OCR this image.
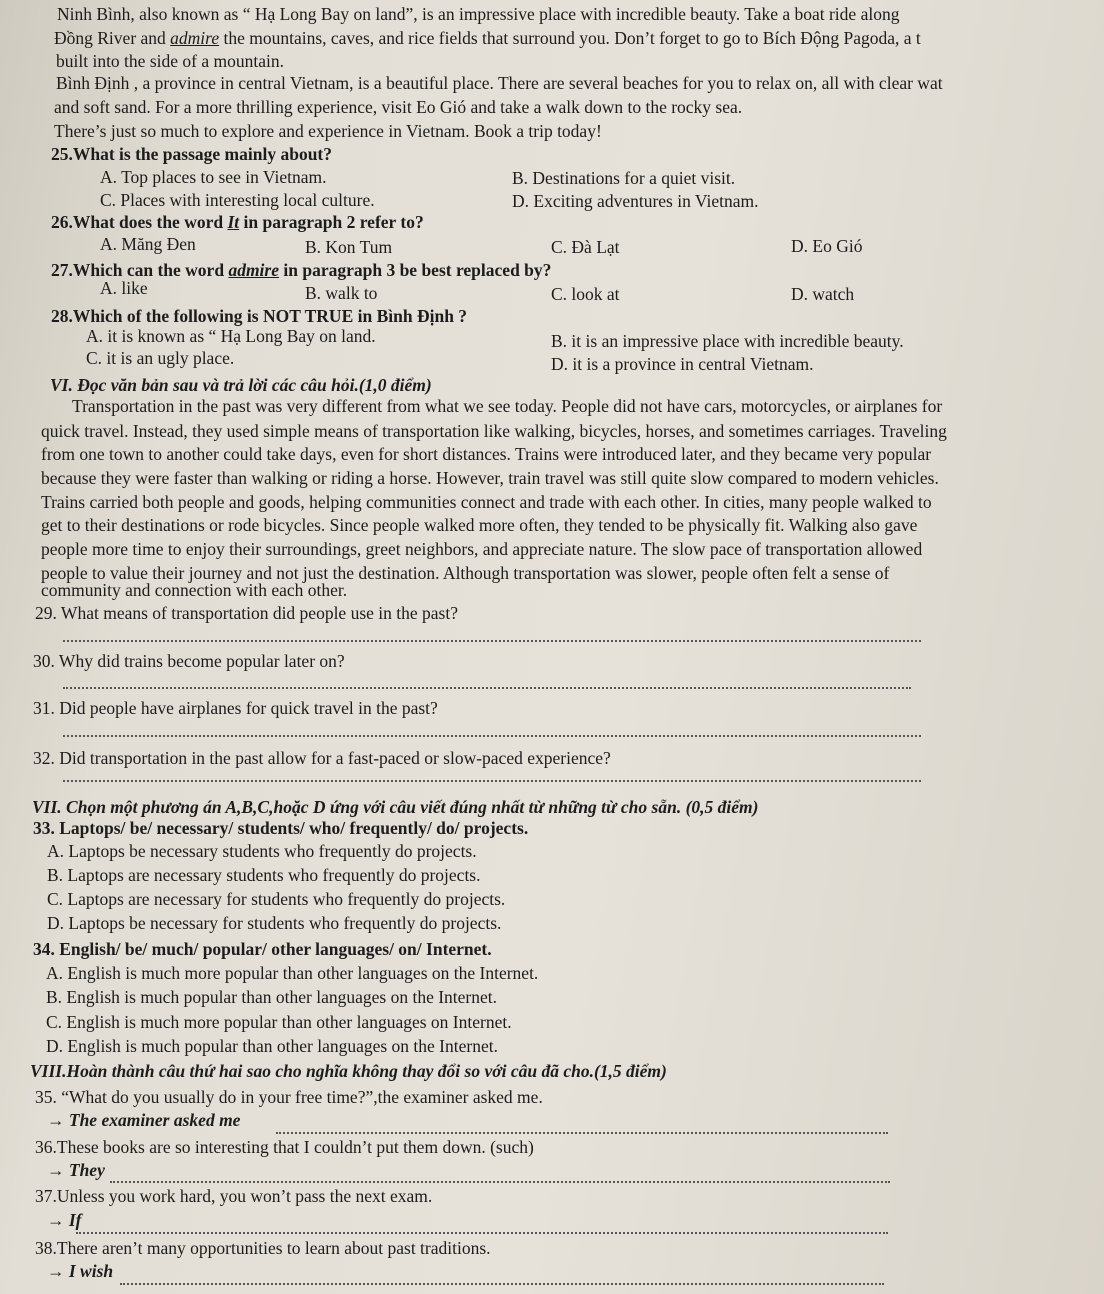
Ninh Bình, also known as “ Hạ Long Bay on land”, is an impressive place with incredible beauty. Take a boat ride along
Đồng River and admire the mountains, caves, and rice fields that surround you. Don’t forget to go to Bích Động Pagoda, a t
built into the side of a mountain.
Bình Định , a province in central Vietnam, is a beautiful place. There are several beaches for you to relax on, all with clear wat
and soft sand. For a more thrilling experience, visit Eo Gió and take a walk down to the rocky sea.
There’s just so much to explore and experience in Vietnam. Book a trip today!
25.What is the passage mainly about?
A. Top places to see in Vietnam.	B. Destinations for a quiet visit.
C. Places with interesting local culture.	D. Exciting adventures in Vietnam.
26.What does the word It in paragraph 2 refer to?
A. Măng Đen	B. Kon Tum	C. Đà Lạt	D. Eo Gió
27.Which can the word admire in paragraph 3 be best replaced by?
A. like	B. walk to	C. look at	D. watch
28.Which of the following is NOT TRUE in Bình Định ?
A. it is known as “ Hạ Long Bay on land.	B. it is an impressive place with incredible beauty.
C. it is an ugly place.	D. it is a province in central Vietnam.
VI. Đọc văn bản sau và trả lời các câu hỏi.(1,0 điểm)
Transportation in the past was very different from what we see today. People did not have cars, motorcycles, or airplanes for
quick travel. Instead, they used simple means of transportation like walking, bicycles, horses, and sometimes carriages. Traveling
from one town to another could take days, even for short distances. Trains were introduced later, and they became very popular
because they were faster than walking or riding a horse. However, train travel was still quite slow compared to modern vehicles.
Trains carried both people and goods, helping communities connect and trade with each other. In cities, many people walked to
get to their destinations or rode bicycles. Since people walked more often, they tended to be physically fit. Walking also gave
people more time to enjoy their surroundings, greet neighbors, and appreciate nature. The slow pace of transportation allowed
people to value their journey and not just the destination. Although transportation was slower, people often felt a sense of
community and connection with each other.
29. What means of transportation did people use in the past?
30. Why did trains become popular later on?
31. Did people have airplanes for quick travel in the past?
32. Did transportation in the past allow for a fast-paced or slow-paced experience?
VII. Chọn một phương án A,B,C,hoặc D ứng với câu viết đúng nhất từ những từ cho sẵn. (0,5 điểm)
33. Laptops/ be/ necessary/ students/ who/ frequently/ do/ projects.
A. Laptops be necessary students who frequently do projects.
B. Laptops are necessary students who frequently do projects.
C. Laptops are necessary for students who frequently do projects.
D. Laptops be necessary for students who frequently do projects.
34. English/ be/ much/ popular/ other languages/ on/ Internet.
A. English is much more popular than other languages on the Internet.
B. English is much popular than other languages on the Internet.
C. English is much more popular than other languages on Internet.
D. English is much popular than other languages on the Internet.
VIII.Hoàn thành câu thứ hai sao cho nghĩa không thay đổi so với câu đã cho.(1,5 điểm)
35. “What do you usually do in your free time?”,the examiner asked me.
→ The examiner asked me
36.These books are so interesting that I couldn’t put them down. (such)
→ They
37.Unless you work hard, you won’t pass the next exam.
→ If
38.There aren’t many opportunities to learn about past traditions.
→ I wish
